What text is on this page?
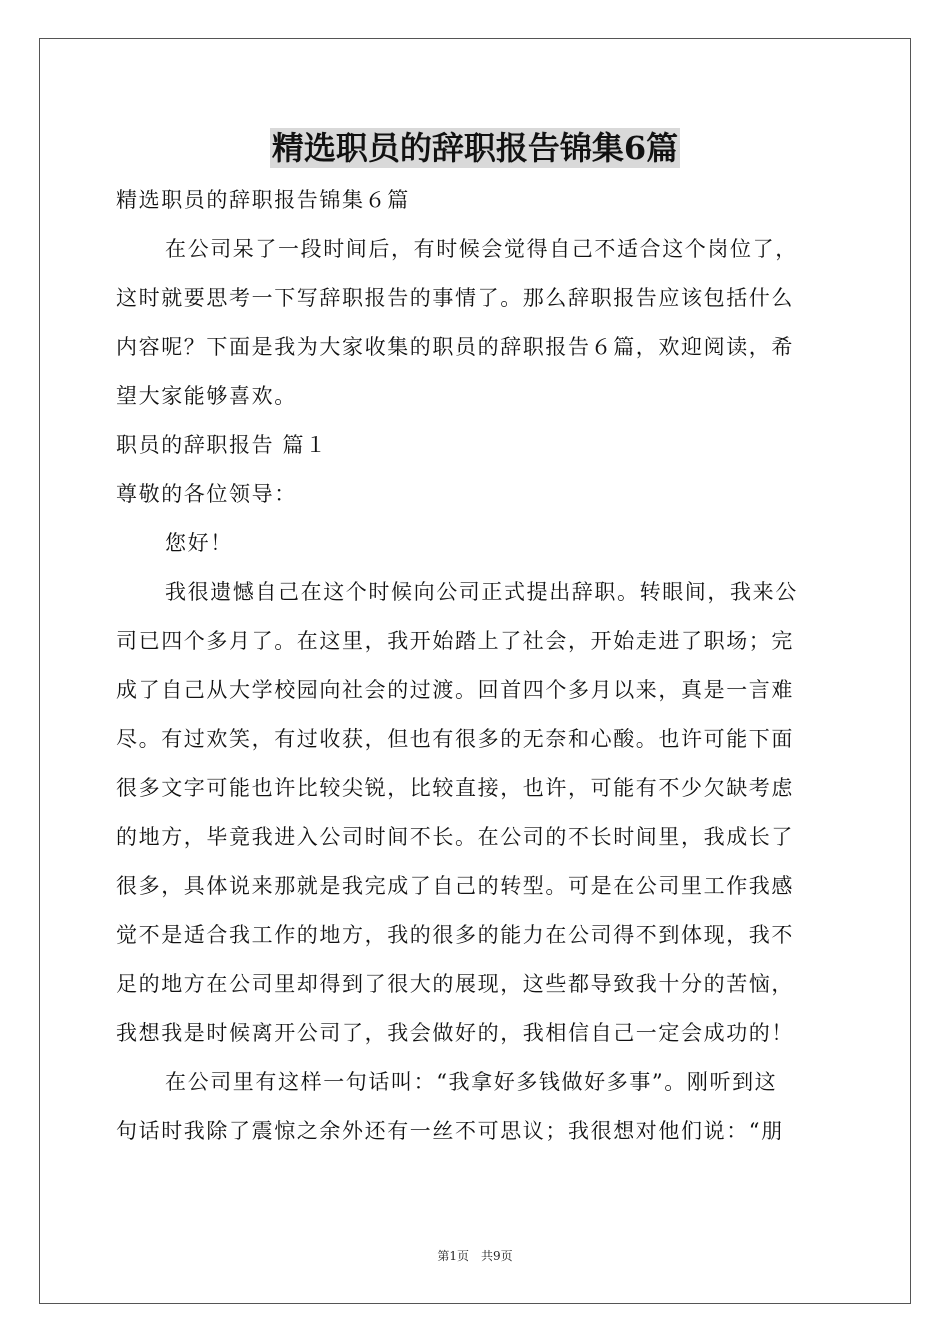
精选职员的辞职报告锦集6篇
精选职员的辞职报告锦集６篇
在公司呆了一段时间后，有时候会觉得自己不适合这个岗位了，
这时就要思考一下写辞职报告的事情了。那么辞职报告应该包括什么
内容呢？下面是我为大家收集的职员的辞职报告６篇，欢迎阅读，希
望大家能够喜欢。
职员的辞职报告 篇１
尊敬的各位领导：
您好！
我很遗憾自己在这个时候向公司正式提出辞职。转眼间，我来公
司已四个多月了。在这里，我开始踏上了社会，开始走进了职场；完
成了自己从大学校园向社会的过渡。回首四个多月以来，真是一言难
尽。有过欢笑，有过收获，但也有很多的无奈和心酸。也许可能下面
很多文字可能也许比较尖锐，比较直接，也许，可能有不少欠缺考虑
的地方，毕竟我进入公司时间不长。在公司的不长时间里，我成长了
很多，具体说来那就是我完成了自己的转型。可是在公司里工作我感
觉不是适合我工作的地方，我的很多的能力在公司得不到体现，我不
足的地方在公司里却得到了很大的展现，这些都导致我十分的苦恼，
我想我是时候离开公司了，我会做好的，我相信自己一定会成功的！
在公司里有这样一句话叫：“我拿好多钱做好多事”。刚听到这
句话时我除了震惊之余外还有一丝不可思议；我很想对他们说：“朋
第1页　共9页
